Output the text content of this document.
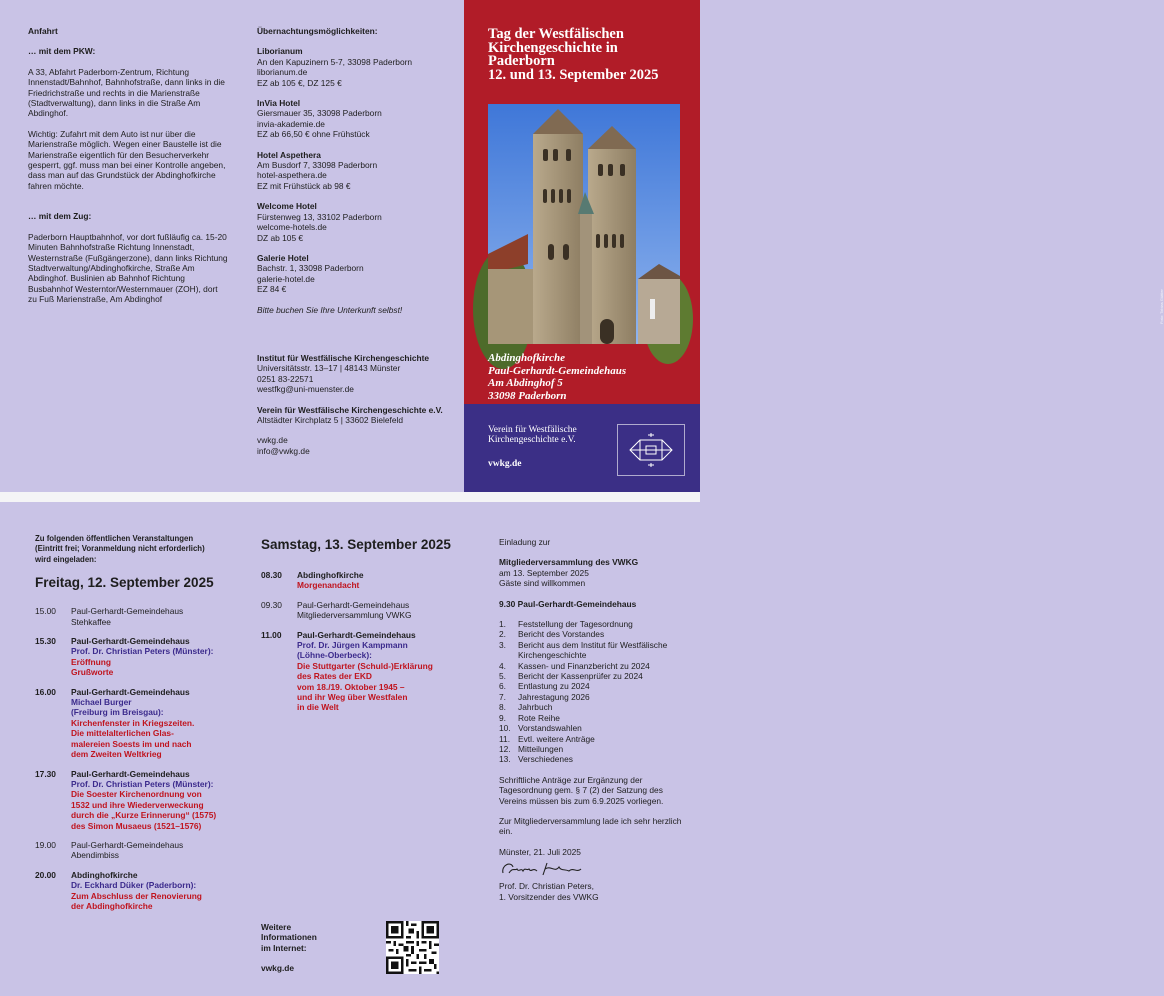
Anfahrt

… mit dem PKW:

A 33, Abfahrt Paderborn-Zentrum, Richtung Innenstadt/Bahnhof, Bahnhofstraße, dann links in die Friedrichstraße und rechts in die Marienstraße (Stadtverwaltung), dann links in die Straße Am Abdinghof.

Wichtig: Zufahrt mit dem Auto ist nur über die Marienstraße möglich. Wegen einer Baustelle ist die Marienstraße eigentlich für den Besucherverkehr gesperrt, ggf. muss man bei einer Kontrolle angeben, dass man auf das Grundstück der Abdinghofkirche fahren möchte.

… mit dem Zug:

Paderborn Hauptbahnhof, vor dort fußläufig ca. 15-20 Minuten Bahnhofstraße Richtung Innenstadt, Westernstraße (Fußgängerzone), dann links Richtung Stadtverwaltung/Abdinghofkirche, Straße Am Abdinghof. Buslinien ab Bahnhof Richtung Busbahnhof Westerntor/Westernmauer (ZOH), dort zu Fuß Marienstraße, Am Abdinghof

Übernachtungsmöglichkeiten:

Liborianum

An den Kapuzinern 5-7, 33098 Paderborn

liborianum.de

EZ ab 105 €, DZ 125 €

InVia Hotel

Giersmauer 35, 33098 Paderborn

invia-akademie.de

EZ ab 66,50 € ohne Frühstück

Hotel Aspethera

Am Busdorf 7, 33098 Paderborn

hotel-aspethera.de

EZ mit Frühstück ab 98 €

Welcome Hotel

Fürstenweg 13, 33102 Paderborn

welcome-hotels.de

DZ ab 105 €

Galerie Hotel

Bachstr. 1, 33098 Paderborn

galerie-hotel.de

EZ 84 €

Bitte buchen Sie Ihre Unterkunft selbst!

Institut für Westfälische Kirchengeschichte

Universitätsstr. 13–17 | 48143 Münster

0251 83-22571

westfkg@uni-muenster.de

Verein für Westfälische Kirchengeschichte e.V.

Altstädter Kirchplatz 5 | 33602 Bielefeld

vwkg.de

info@vwkg.de

Tag der Westfälischen
Kirchengeschichte in
Paderborn
12. und 13. September 2025
Foto: Tobias Güttler
Abdinghofkirche
Paul-Gerhardt-Gemeindehaus
Am Abdinghof 5
33098 Paderborn
Verein für Westfälische
Kirchengeschichte e.V.
vwkg.de

Zu folgenden öffentlichen Veranstaltungen

(Eintritt frei; Voranmeldung nicht erforderlich)

wird eingeladen:

Freitag, 12. September 2025

15.00 Paul-Gerhardt-Gemeindehaus

Stehkaffee

15.30 Paul-Gerhardt-Gemeindehaus

Prof. Dr. Christian Peters (Münster):

Eröffnung

Grußworte

16.00 Paul-Gerhardt-Gemeindehaus

Michael Burger

(Freiburg im Breisgau):

Kirchenfenster in Kriegszeiten.

Die mittelalterlichen Glas-

malereien Soests im und nach

dem Zweiten Weltkrieg

17.30 Paul-Gerhardt-Gemeindehaus

Prof. Dr. Christian Peters (Münster):

Die Soester Kirchenordnung von

1532 und ihre Wiederverweckung

durch die „Kurze Erinnerung“ (1575)

des Simon Musaeus (1521–1576)

19.00 Paul-Gerhardt-Gemeindehaus

Abendimbiss

20.00 Abdinghofkirche

Dr. Eckhard Düker (Paderborn):

Zum Abschluss der Renovierung

der Abdinghofkirche

Samstag, 13. September 2025

08.30 Abdinghofkirche

Morgenandacht

09.30 Paul-Gerhardt-Gemeindehaus

Mitgliederversammlung VWKG

11.00 Paul-Gerhardt-Gemeindehaus

Prof. Dr. Jürgen Kampmann

(Löhne-Oberbeck):

Die Stuttgarter (Schuld-)Erklärung

des Rates der EKD

vom 18./19. Oktober 1945 –

und ihr Weg über Westfalen

in die Welt

Weitere

Informationen

im Internet:

vwkg.de

Einladung zur

Mitgliederversammlung des VWKG

am 13. September 2025

Gäste sind willkommen

9.30 Paul-Gerhardt-Gemeindehaus

1. Feststellung der Tagesordnung
2. Bericht des Vorstandes
3. Bericht aus dem Institut für Westfälische
Kirchengeschichte
4. Kassen- und Finanzbericht zu 2024
5. Bericht der Kassenprüfer zu 2024
6. Entlastung zu 2024
7. Jahrestagung 2026
8. Jahrbuch
9. Rote Reihe
10. Vorstandswahlen
11. Evtl. weitere Anträge
12. Mitteilungen
13. Verschiedenes

Schriftliche Anträge zur Ergänzung der Tagesordnung gem. § 7 (2) der Satzung des Vereins müssen bis zum 6.9.2025 vorliegen.

Zur Mitgliederversammlung lade ich sehr herzlich ein.

Münster, 21. Juli 2025

Prof. Dr. Christian Peters,

1. Vorsitzender des VWKG
